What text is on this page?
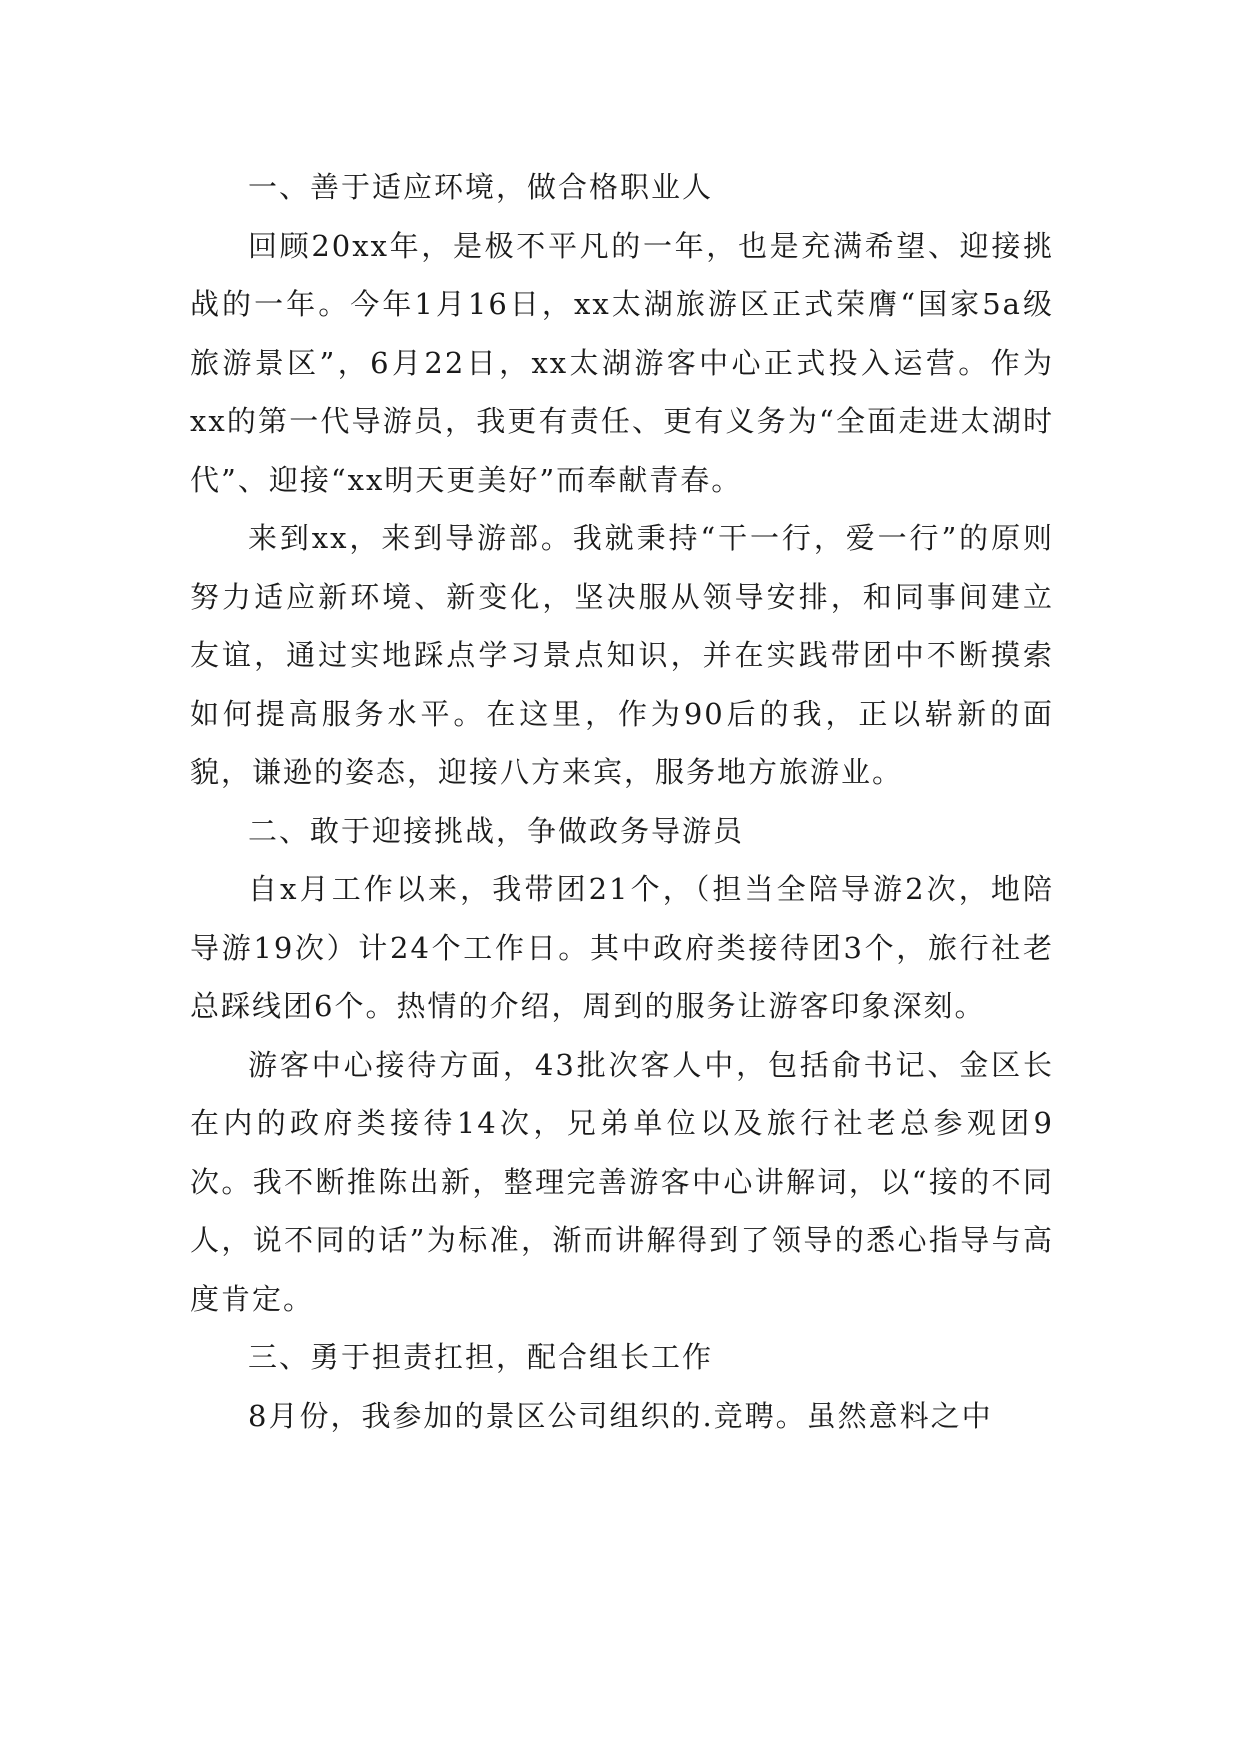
一、善于适应环境，做合格职业人

回顾20xx年，是极不平凡的一年，也是充满希望、迎接挑战的一年。今年1月16日，xx太湖旅游区正式荣膺“国家5a级旅游景区”，6月22日，xx太湖游客中心正式投入运营。作为xx的第一代导游员，我更有责任、更有义务为“全面走进太湖时代”、迎接“xx明天更美好”而奉献青春。

来到xx，来到导游部。我就秉持“干一行，爱一行”的原则努力适应新环境、新变化，坚决服从领导安排，和同事间建立友谊，通过实地踩点学习景点知识，并在实践带团中不断摸索如何提高服务水平。在这里，作为90后的我，正以崭新的面貌，谦逊的姿态，迎接八方来宾，服务地方旅游业。

二、敢于迎接挑战，争做政务导游员

自x月工作以来，我带团21个，（担当全陪导游2次，地陪导游19次）计24个工作日。其中政府类接待团3个，旅行社老总踩线团6个。热情的介绍，周到的服务让游客印象深刻。

游客中心接待方面，43批次客人中，包括俞书记、金区长在内的政府类接待14次，兄弟单位以及旅行社老总参观团9次。我不断推陈出新，整理完善游客中心讲解词，以“接的不同人，说不同的话”为标准，渐而讲解得到了领导的悉心指导与高度肯定。

三、勇于担责扛担，配合组长工作

8月份，我参加的景区公司组织的.竞聘。虽然意料之中
